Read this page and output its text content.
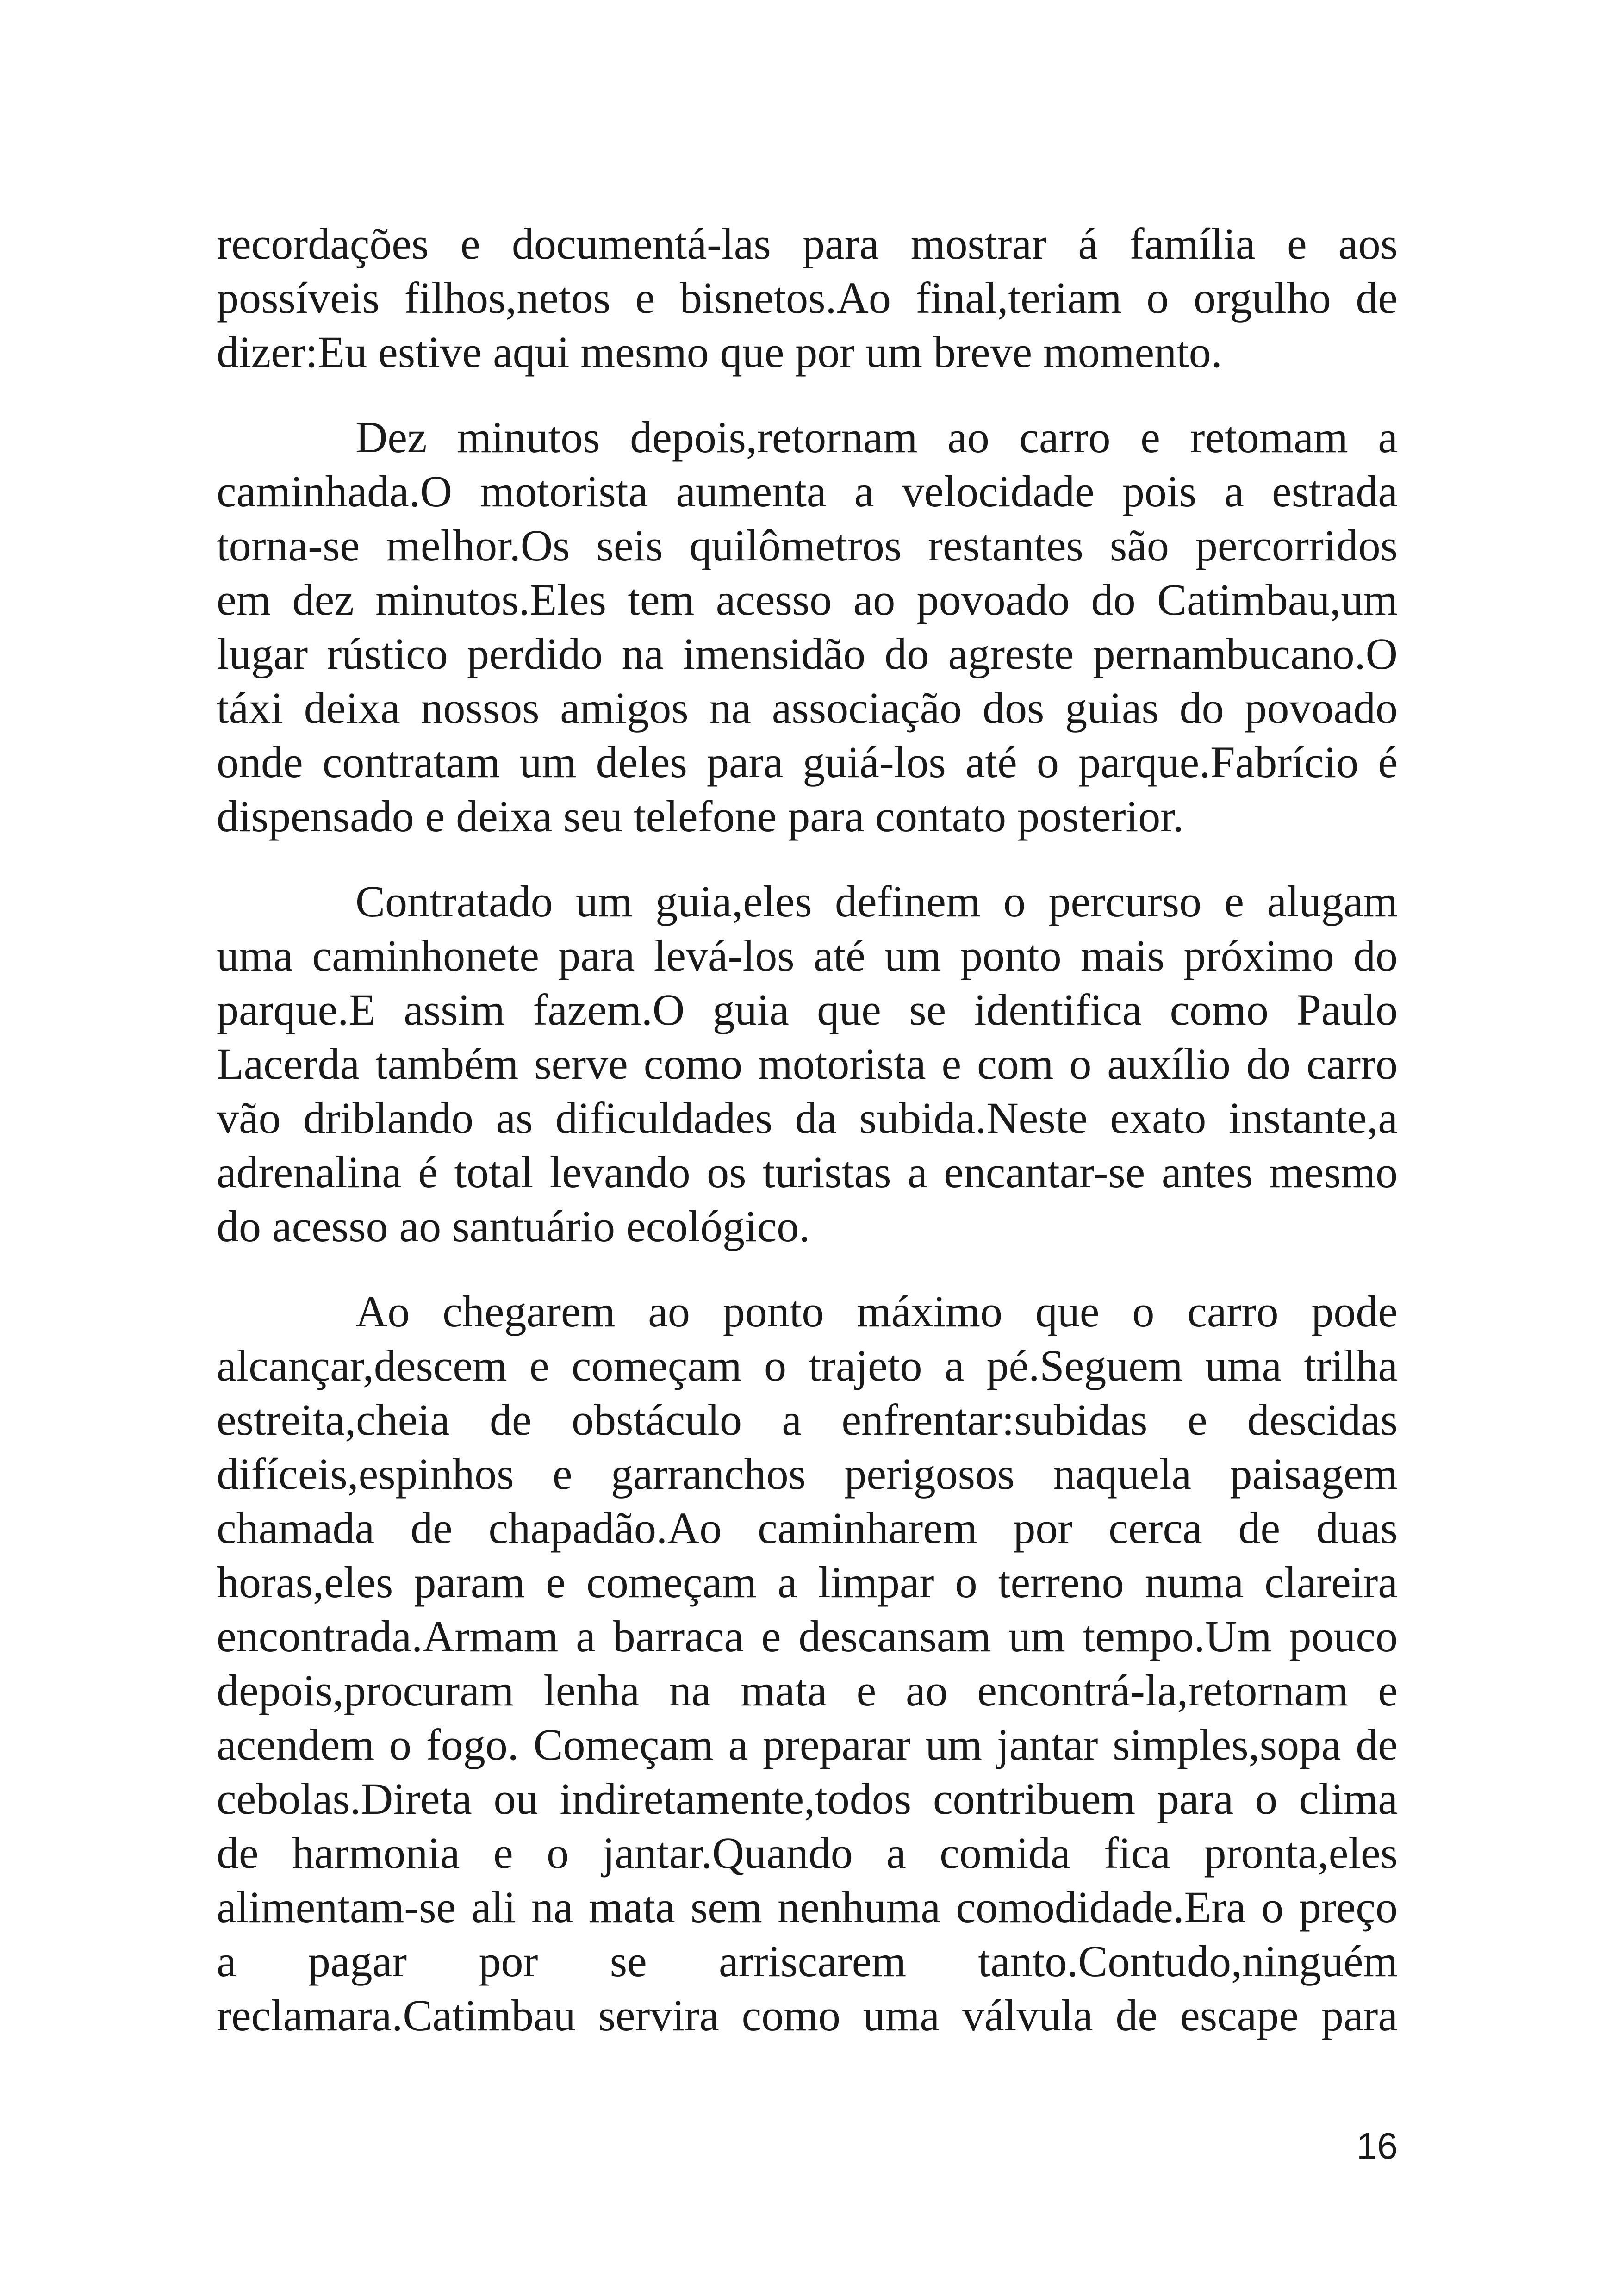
recordações e documentá-las para mostrar á família e aos
possíveis filhos,netos e bisnetos.Ao final,teriam o orgulho de
dizer:Eu estive aqui mesmo que por um breve momento.
Dez minutos depois,retornam ao carro e retomam a
caminhada.O motorista aumenta a velocidade pois a estrada
torna-se melhor.Os seis quilômetros restantes são percorridos
em dez minutos.Eles tem acesso ao povoado do Catimbau,um
lugar rústico perdido na imensidão do agreste pernambucano.O
táxi deixa nossos amigos na associação dos guias do povoado
onde contratam um deles para guiá-los até o parque.Fabrício é
dispensado e deixa seu telefone para contato posterior.
Contratado um guia,eles definem o percurso e alugam
uma caminhonete para levá-los até um ponto mais próximo do
parque.E assim fazem.O guia que se identifica como Paulo
Lacerda também serve como motorista e com o auxílio do carro
vão driblando as dificuldades da subida.Neste exato instante,a
adrenalina é total levando os turistas a encantar-se antes mesmo
do acesso ao santuário ecológico.
Ao chegarem ao ponto máximo que o carro pode
alcançar,descem e começam o trajeto a pé.Seguem uma trilha
estreita,cheia de obstáculo a enfrentar:subidas e descidas
difíceis,espinhos e garranchos perigosos naquela paisagem
chamada de chapadão.Ao caminharem por cerca de duas
horas,eles param e começam a limpar o terreno numa clareira
encontrada.Armam a barraca e descansam um tempo.Um pouco
depois,procuram lenha na mata e ao encontrá-la,retornam e
acendem o fogo. Começam a preparar um jantar simples,sopa de
cebolas.Direta ou indiretamente,todos contribuem para o clima
de harmonia e o jantar.Quando a comida fica pronta,eles
alimentam-se ali na mata sem nenhuma comodidade.Era o preço
a pagar por se arriscarem tanto.Contudo,ninguém
reclamara.Catimbau servira como uma válvula de escape para
16
